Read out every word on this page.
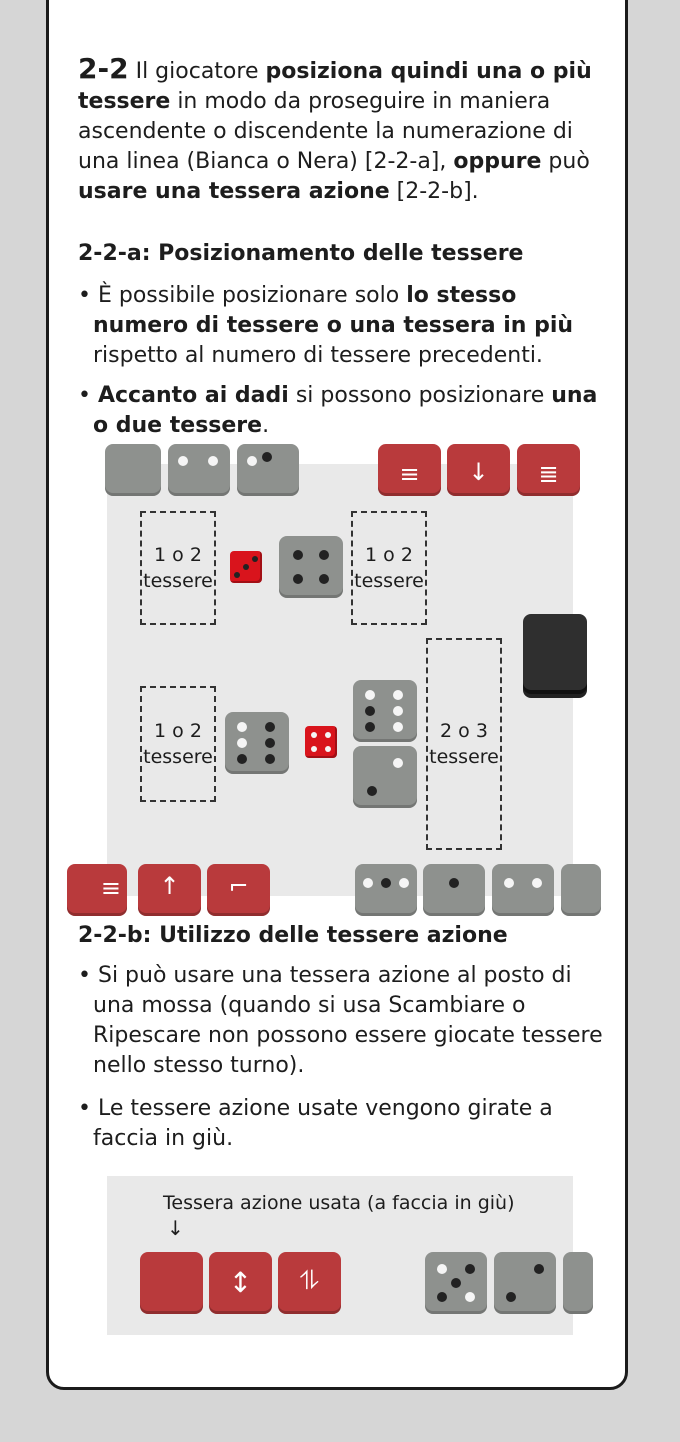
2-2 Il giocatore posiziona quindi una o più tessere in modo da proseguire in maniera ascendente o discendente la numerazione di una linea (Bianca o Nera) [2-2-a], oppure può usare una tessera azione [2-2-b].
2-2-a: Posizionamento delle tessere
• È possibile posizionare solo lo stesso numero di tessere o una tessera in più rispetto al numero di tessere precedenti.
• Accanto ai dadi si possono posizionare una o due tessere.
≡	↓	≣
1 o 2
tessere
1 o 2
tessere
1 o 2
tessere
2 o 3
tessere
≡	↑	⌐
2-2-b: Utilizzo delle tessere azione
• Si può usare una tessera azione al posto di una mossa (quando si usa Scambiare o Ripescare non possono essere giocate tessere nello stesso turno).
• Le tessere azione usate vengono girate a faccia in giù.
Tessera azione usata (a faccia in giù)
↓
↕	⥮
